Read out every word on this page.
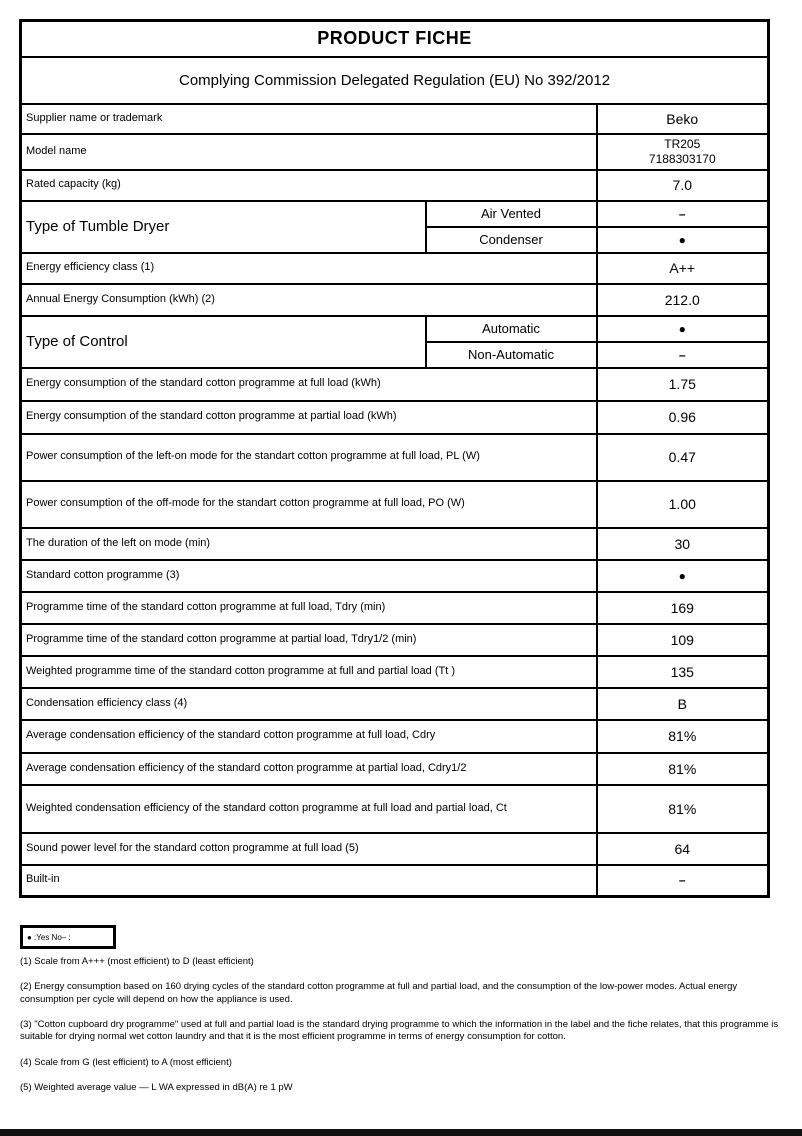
PRODUCT FICHE		
Complying Commission Delegated Regulation (EU) No 392/2012		
Supplier name or trademark		Beko
Model name		TR205
7188303170

Rated capacity (kg)		7.0
Type of Tumble Dryer	Air Vented	–
	Condenser	●
Energy efficiency class (1)		A++
Annual Energy Consumption (kWh) (2)		212.0
Type of Control	Automatic	●
	Non-Automatic	–
Energy consumption of the standard cotton programme at full load (kWh)		1.75
Energy consumption of the standard cotton programme at partial load (kWh)		0.96
Power consumption of the left-on mode for the standart cotton programme at full load, PL (W)		0.47
Power consumption of the off-mode for the standart cotton programme at full load, PO (W)		1.00
The duration of the left on mode (min)		30
Standard cotton programme (3)		●
Programme time of the standard cotton programme at full load, Tdry (min)		169
Programme time of the standard cotton programme at partial load, Tdry1/2 (min)		109
Weighted programme time of the standard cotton programme at full and partial load (Tt )		135
Condensation efficiency class (4)		B
Average condensation efficiency of the standard cotton programme at full load, Cdry		81%
Average condensation efficiency of the standard cotton programme at partial load, Cdry1/2		81%
Weighted condensation efficiency of the standard cotton programme at full load and partial load, Ct		81%
Sound power level for the standard cotton programme at full load (5)		64
Built-in		–
● :Yes No– :

(1) Scale from A+++ (most efficient) to D (least efficient)

(2) Energy consumption based on 160 drying cycles of the standard cotton programme at full and partial load, and the consumption of the low-power modes. Actual energy consumption per cycle will depend on how the appliance is used.

(3) "Cotton cupboard dry programme" used at full and partial load is the standard drying programme to which the information in the label and the fiche relates, that this programme is suitable for drying normal wet cotton laundry and that it is the most efficient programme in terms of energy consumption for cotton.

(4) Scale from G (lest efficient) to A (most efficient)

(5) Weighted average value — L WA expressed in dB(A) re 1 pW
